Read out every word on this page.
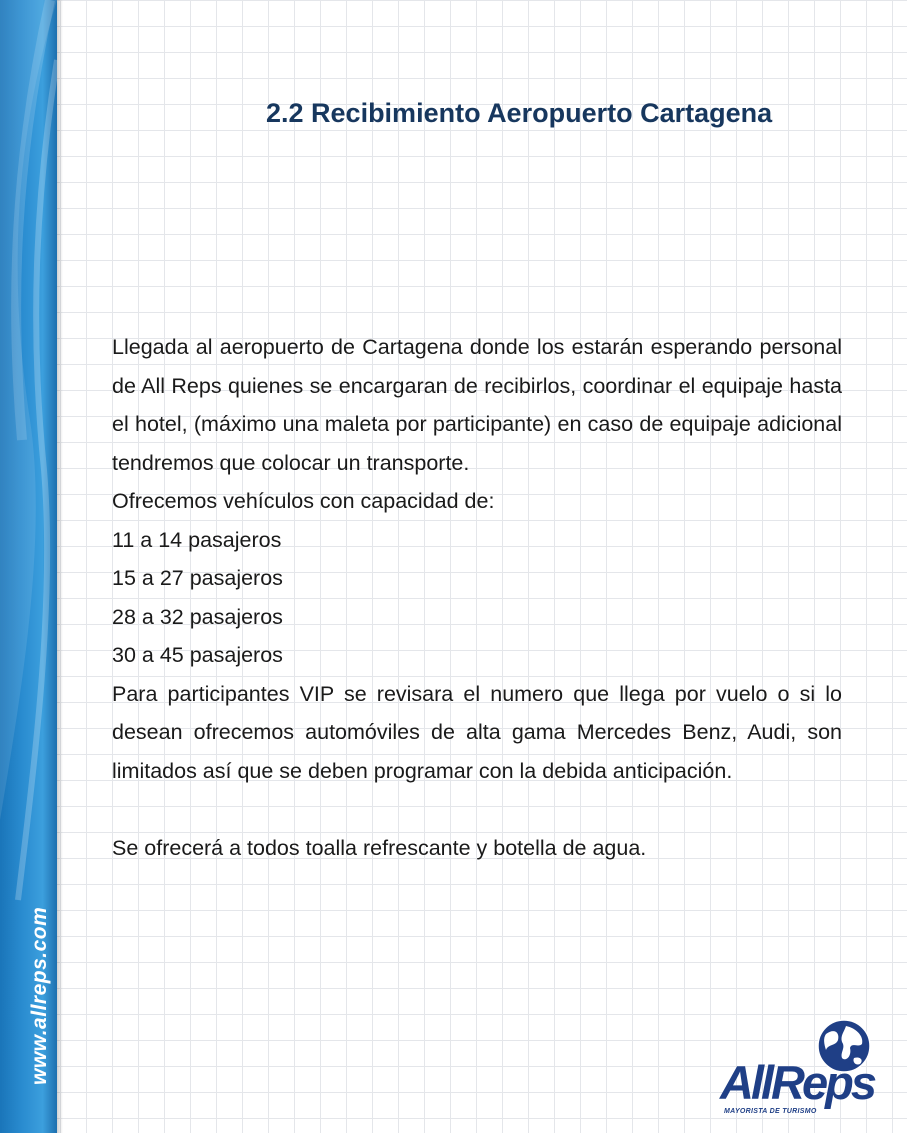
www.allreps.com
2.2 Recibimiento Aeropuerto Cartagena

Llegada al aeropuerto de Cartagena donde los estarán esperando personal de All Reps quienes se encargaran de recibirlos, coordinar el equipaje hasta el hotel, (máximo una maleta por participante) en caso de equipaje adicional tendremos que colocar un transporte.

Ofrecemos vehículos con capacidad de:

11 a 14 pasajeros

15 a 27 pasajeros

28 a 32 pasajeros

30 a 45 pasajeros

Para participantes VIP se revisara el numero que llega por vuelo o si lo desean ofrecemos automóviles de alta gama Mercedes Benz, Audi, son limitados así que se deben programar con la debida anticipación.

Se ofrecerá a todos toalla refrescante y botella de agua.

AllReps
MAYORISTA DE TURISMO
